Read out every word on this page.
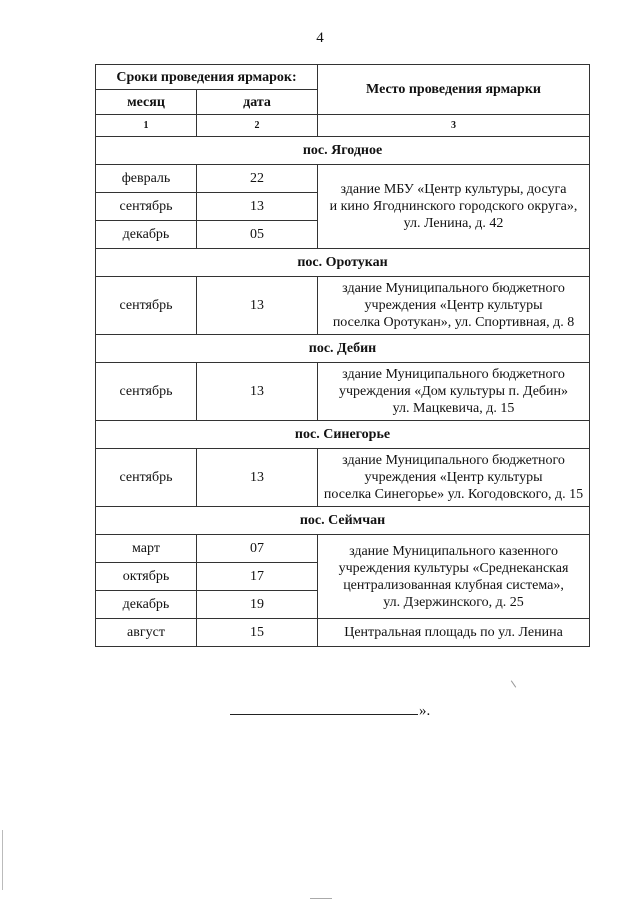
4
Сроки проведения ярмарок:		Место проведения ярмарки
месяц	дата	
1	2	3
пос. Ягодное		
февраль	22	здание МБУ «Центр культуры, досуга
и кино Ягоднинского городского округа»,
ул. Ленина, д. 42

сентябрь	13	
декабрь	05	
пос. Оротукан		
сентябрь	13	здание Муниципального бюджетного
учреждения «Центр культуры
поселка Оротукан», ул. Спортивная, д. 8

пос. Дебин		
сентябрь	13	здание Муниципального бюджетного
учреждения «Дом культуры п. Дебин»
ул. Мацкевича, д. 15

пос. Синегорье		
сентябрь	13	здание Муниципального бюджетного
учреждения «Центр культуры
поселка Синегорье» ул. Когодовского, д. 15

пос. Сеймчан		
март	07	здание Муниципального казенного
учреждения культуры «Среднеканская
централизованная клубная система»,
ул. Дзержинского, д. 25

октябрь	17	
декабрь	19	
август	15	Центральная площадь по ул. Ленина
».
